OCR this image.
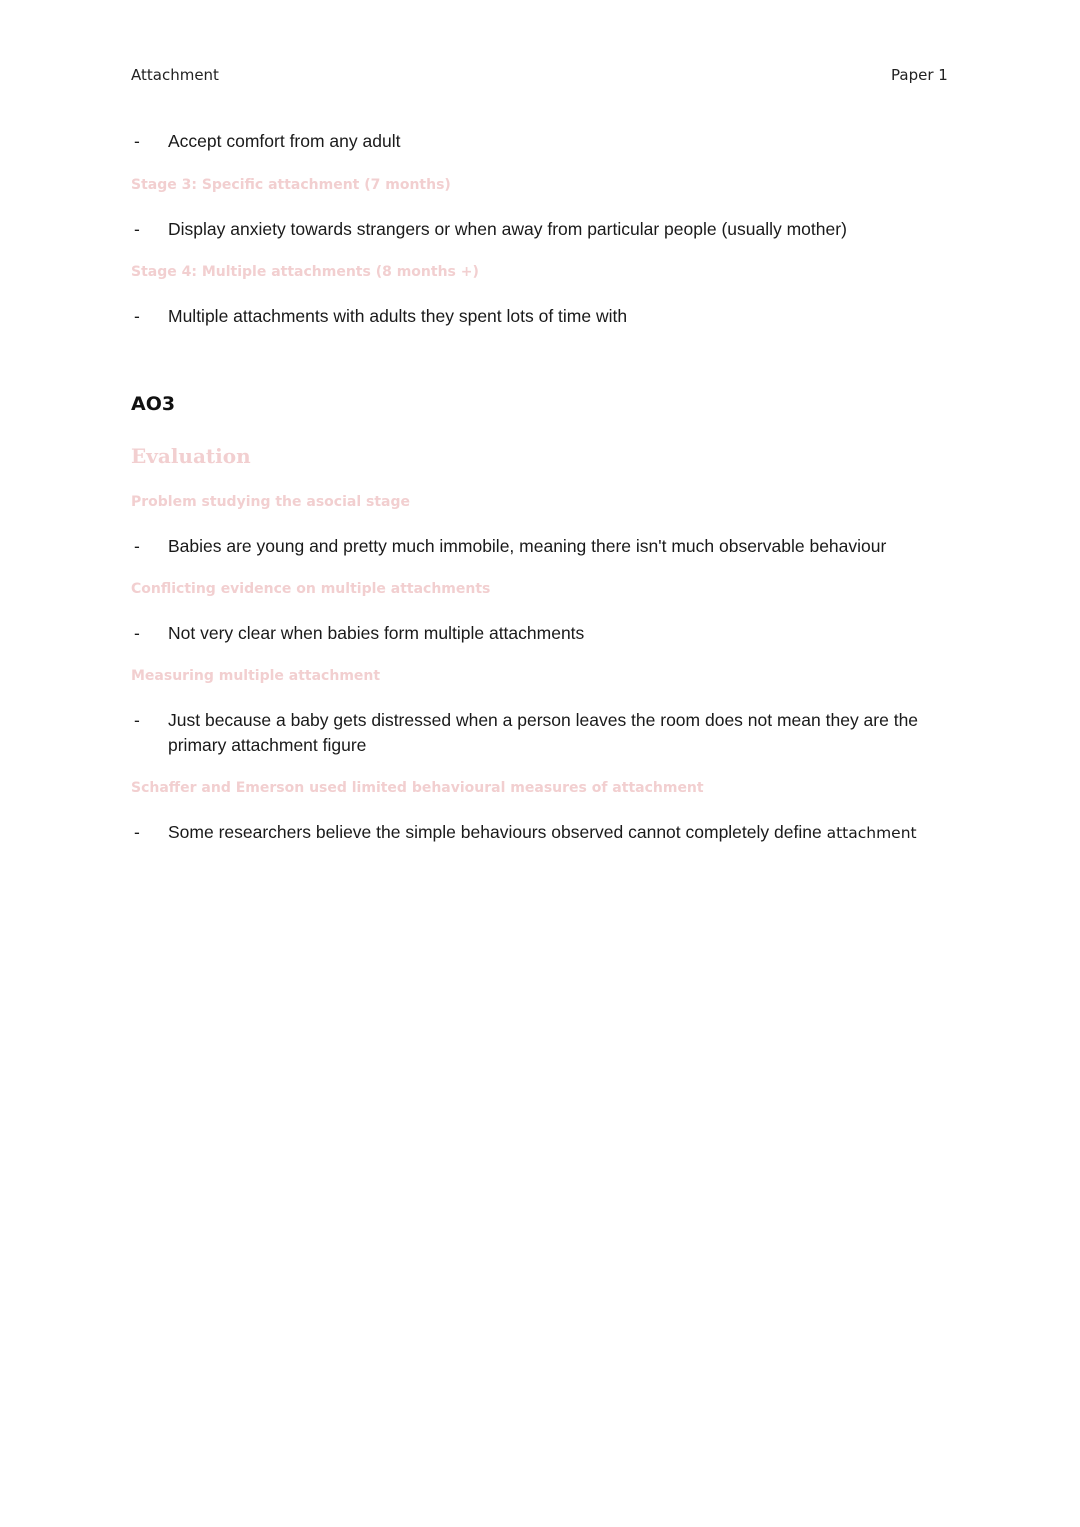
Attachment	Paper 1
- Accept comfort from any adult
Stage 3: Specific attachment (7 months)
- Display anxiety towards strangers or when away from particular people (usually mother)
Stage 4: Multiple attachments (8 months +)
- Multiple attachments with adults they spent lots of time with
AO3
Evaluation
Problem studying the asocial stage
- Babies are young and pretty much immobile, meaning there isn't much observable behaviour
Conflicting evidence on multiple attachments
- Not very clear when babies form multiple attachments
Measuring multiple attachment
- Just because a baby gets distressed when a person leaves the room does not mean they are the primary attachment figure
Schaffer and Emerson used limited behavioural measures of attachment
- Some researchers believe the simple behaviours observed cannot completely define attachment
